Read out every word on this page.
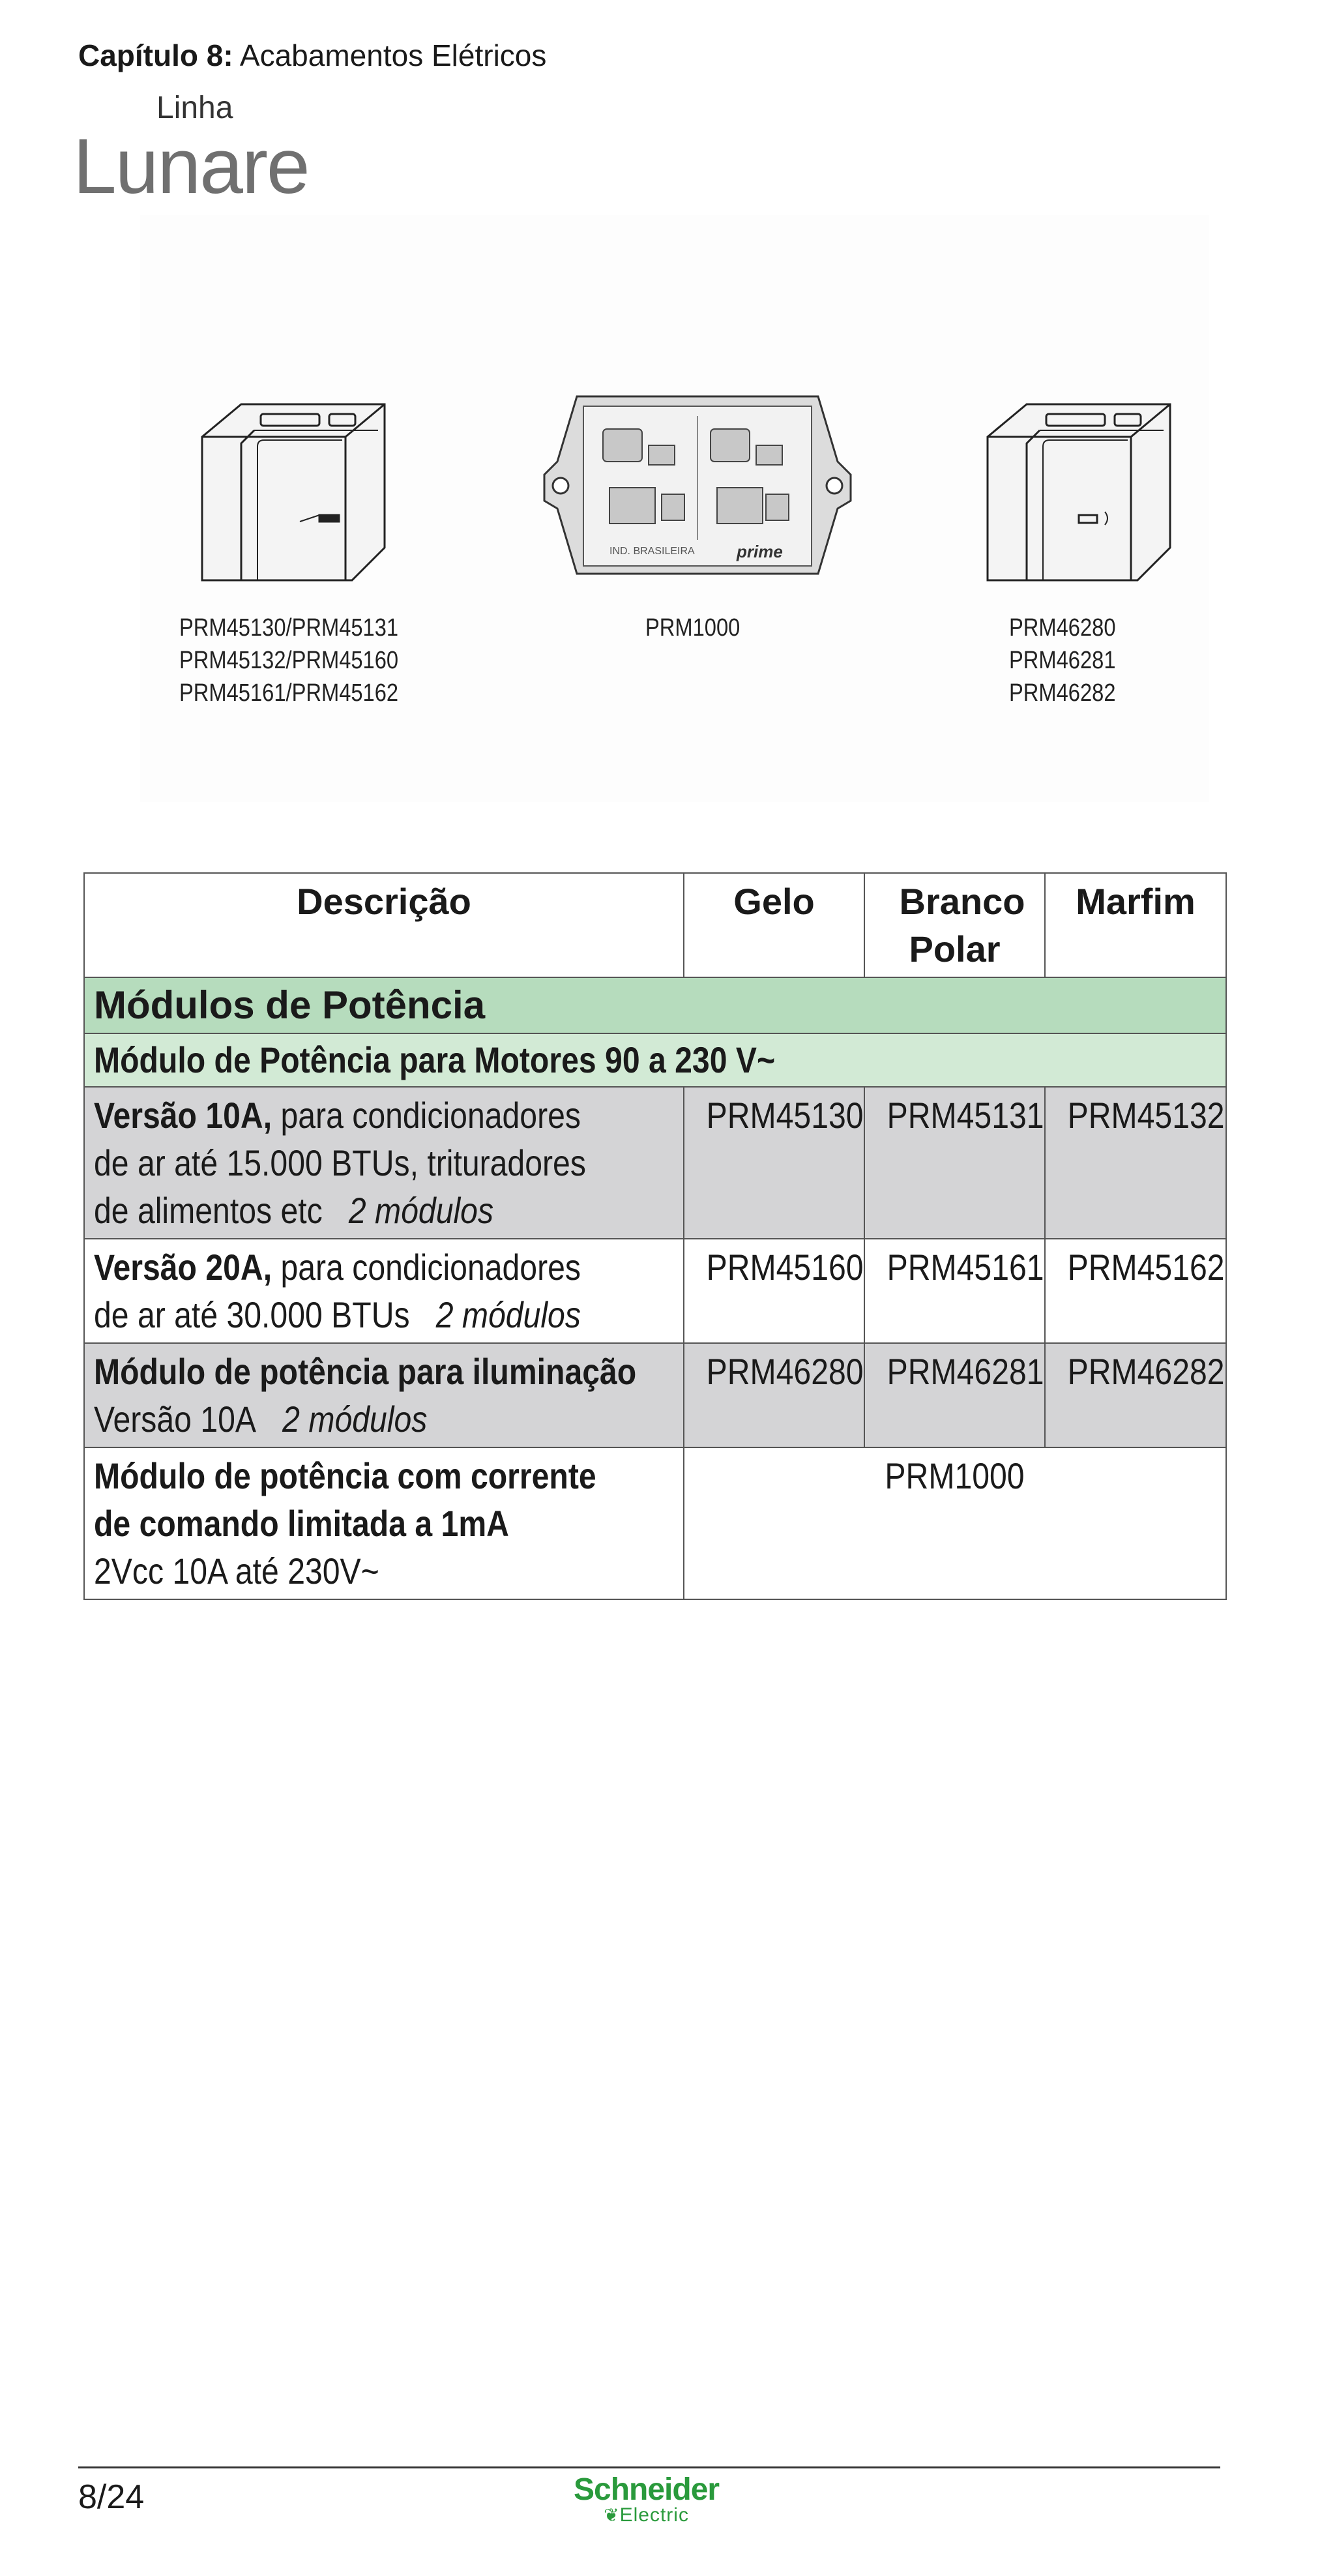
Capítulo 8: Acabamentos Elétricos
Linha
Lunare
PRM45130/PRM45131
PRM45132/PRM45160
PRM45161/PRM45162
IND. BRASILEIRA prime
PRM1000	PRM46280
PRM46281
PRM46282
Descrição	Gelo	Branco Polar	Marfim
Módulos de Potência			
Módulo de Potência para Motores 90 a 230 V~			
Versão 10A, para condicionadores
de ar até 15.000 BTUs, trituradores
de alimentos etc 2 módulos	PRM45130	PRM45131	PRM45132
Versão 20A, para condicionadores
de ar até 30.000 BTUs 2 módulos	PRM45160	PRM45161	PRM45162
Módulo de potência para iluminação
Versão 10A 2 módulos	PRM46280	PRM46281	PRM46282
Módulo de potência com corrente
de comando limitada a 1mA
2Vcc 10A até 230V~	PRM1000		
8/24	Schneider
❦Electric
